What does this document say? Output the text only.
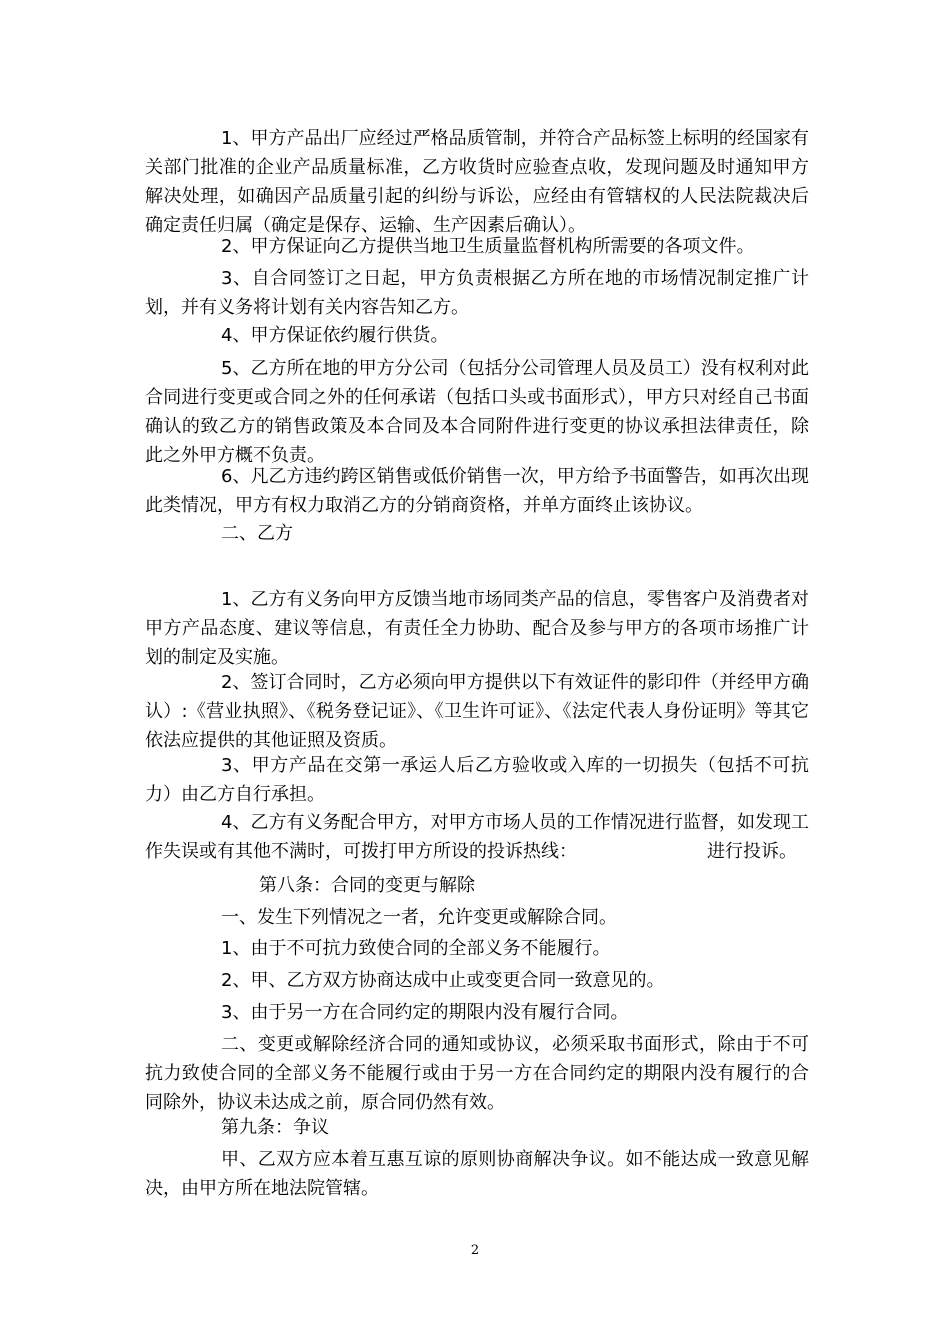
1、甲方产品出厂应经过严格品质管制，并符合产品标签上标明的经国家有关部门批准的企业产品质量标准，乙方收货时应验查点收，发现问题及时通知甲方解决处理，如确因产品质量引起的纠纷与诉讼，应经由有管辖权的人民法院裁决后确定责任归属（确定是保存、运输、生产因素后确认）。

2、甲方保证向乙方提供当地卫生质量监督机构所需要的各项文件。

3、自合同签订之日起，甲方负责根据乙方所在地的市场情况制定推广计划，并有义务将计划有关内容告知乙方。

4、甲方保证依约履行供货。

5、乙方所在地的甲方分公司（包括分公司管理人员及员工）没有权利对此合同进行变更或合同之外的任何承诺（包括口头或书面形式），甲方只对经自己书面确认的致乙方的销售政策及本合同及本合同附件进行变更的协议承担法律责任，除此之外甲方概不负责。

6、凡乙方违约跨区销售或低价销售一次，甲方给予书面警告，如再次出现此类情况，甲方有权力取消乙方的分销商资格，并单方面终止该协议。

二、乙方

1、乙方有义务向甲方反馈当地市场同类产品的信息，零售客户及消费者对甲方产品态度、建议等信息，有责任全力协助、配合及参与甲方的各项市场推广计划的制定及实施。

2、签订合同时，乙方必须向甲方提供以下有效证件的影印件（并经甲方确认）:《营业执照》、《税务登记证》、《卫生许可证》、《法定代表人身份证明》等其它依法应提供的其他证照及资质。

3、甲方产品在交第一承运人后乙方验收或入库的一切损失（包括不可抗力）由乙方自行承担。

4、乙方有义务配合甲方，对甲方市场人员的工作情况进行监督，如发现工作失误或有其他不满时，可拨打甲方所设的投诉热线：	进行投诉。

第八条：合同的变更与解除

一、发生下列情况之一者，允许变更或解除合同。

1、由于不可抗力致使合同的全部义务不能履行。

2、甲、乙方双方协商达成中止或变更合同一致意见的。

3、由于另一方在合同约定的期限内没有履行合同。

二、变更或解除经济合同的通知或协议，必须采取书面形式，除由于不可抗力致使合同的全部义务不能履行或由于另一方在合同约定的期限内没有履行的合同除外，协议未达成之前，原合同仍然有效。

第九条：争议

甲、乙双方应本着互惠互谅的原则协商解决争议。如不能达成一致意见解决，由甲方所在地法院管辖。

2
